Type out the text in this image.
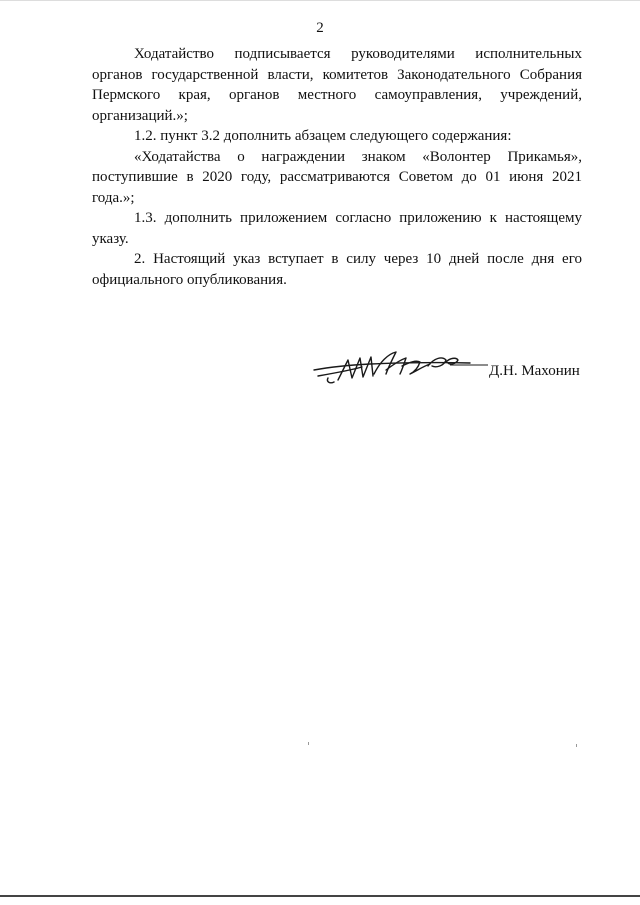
2

Ходатайство подписывается руководителями исполнительных органов государственной власти, комитетов Законодательного Собрания Пермского края, органов местного самоуправления, учреждений, организаций.»;

1.2. пункт 3.2 дополнить абзацем следующего содержания:

«Ходатайства о награждении знаком «Волонтер Прикамья», поступившие в 2020 году, рассматриваются Советом до 01 июня 2021 года.»;

1.3. дополнить приложением согласно приложению к настоящему указу.

2. Настоящий указ вступает в силу через 10 дней после дня его официального опубликования.

Д.Н. Махонин
